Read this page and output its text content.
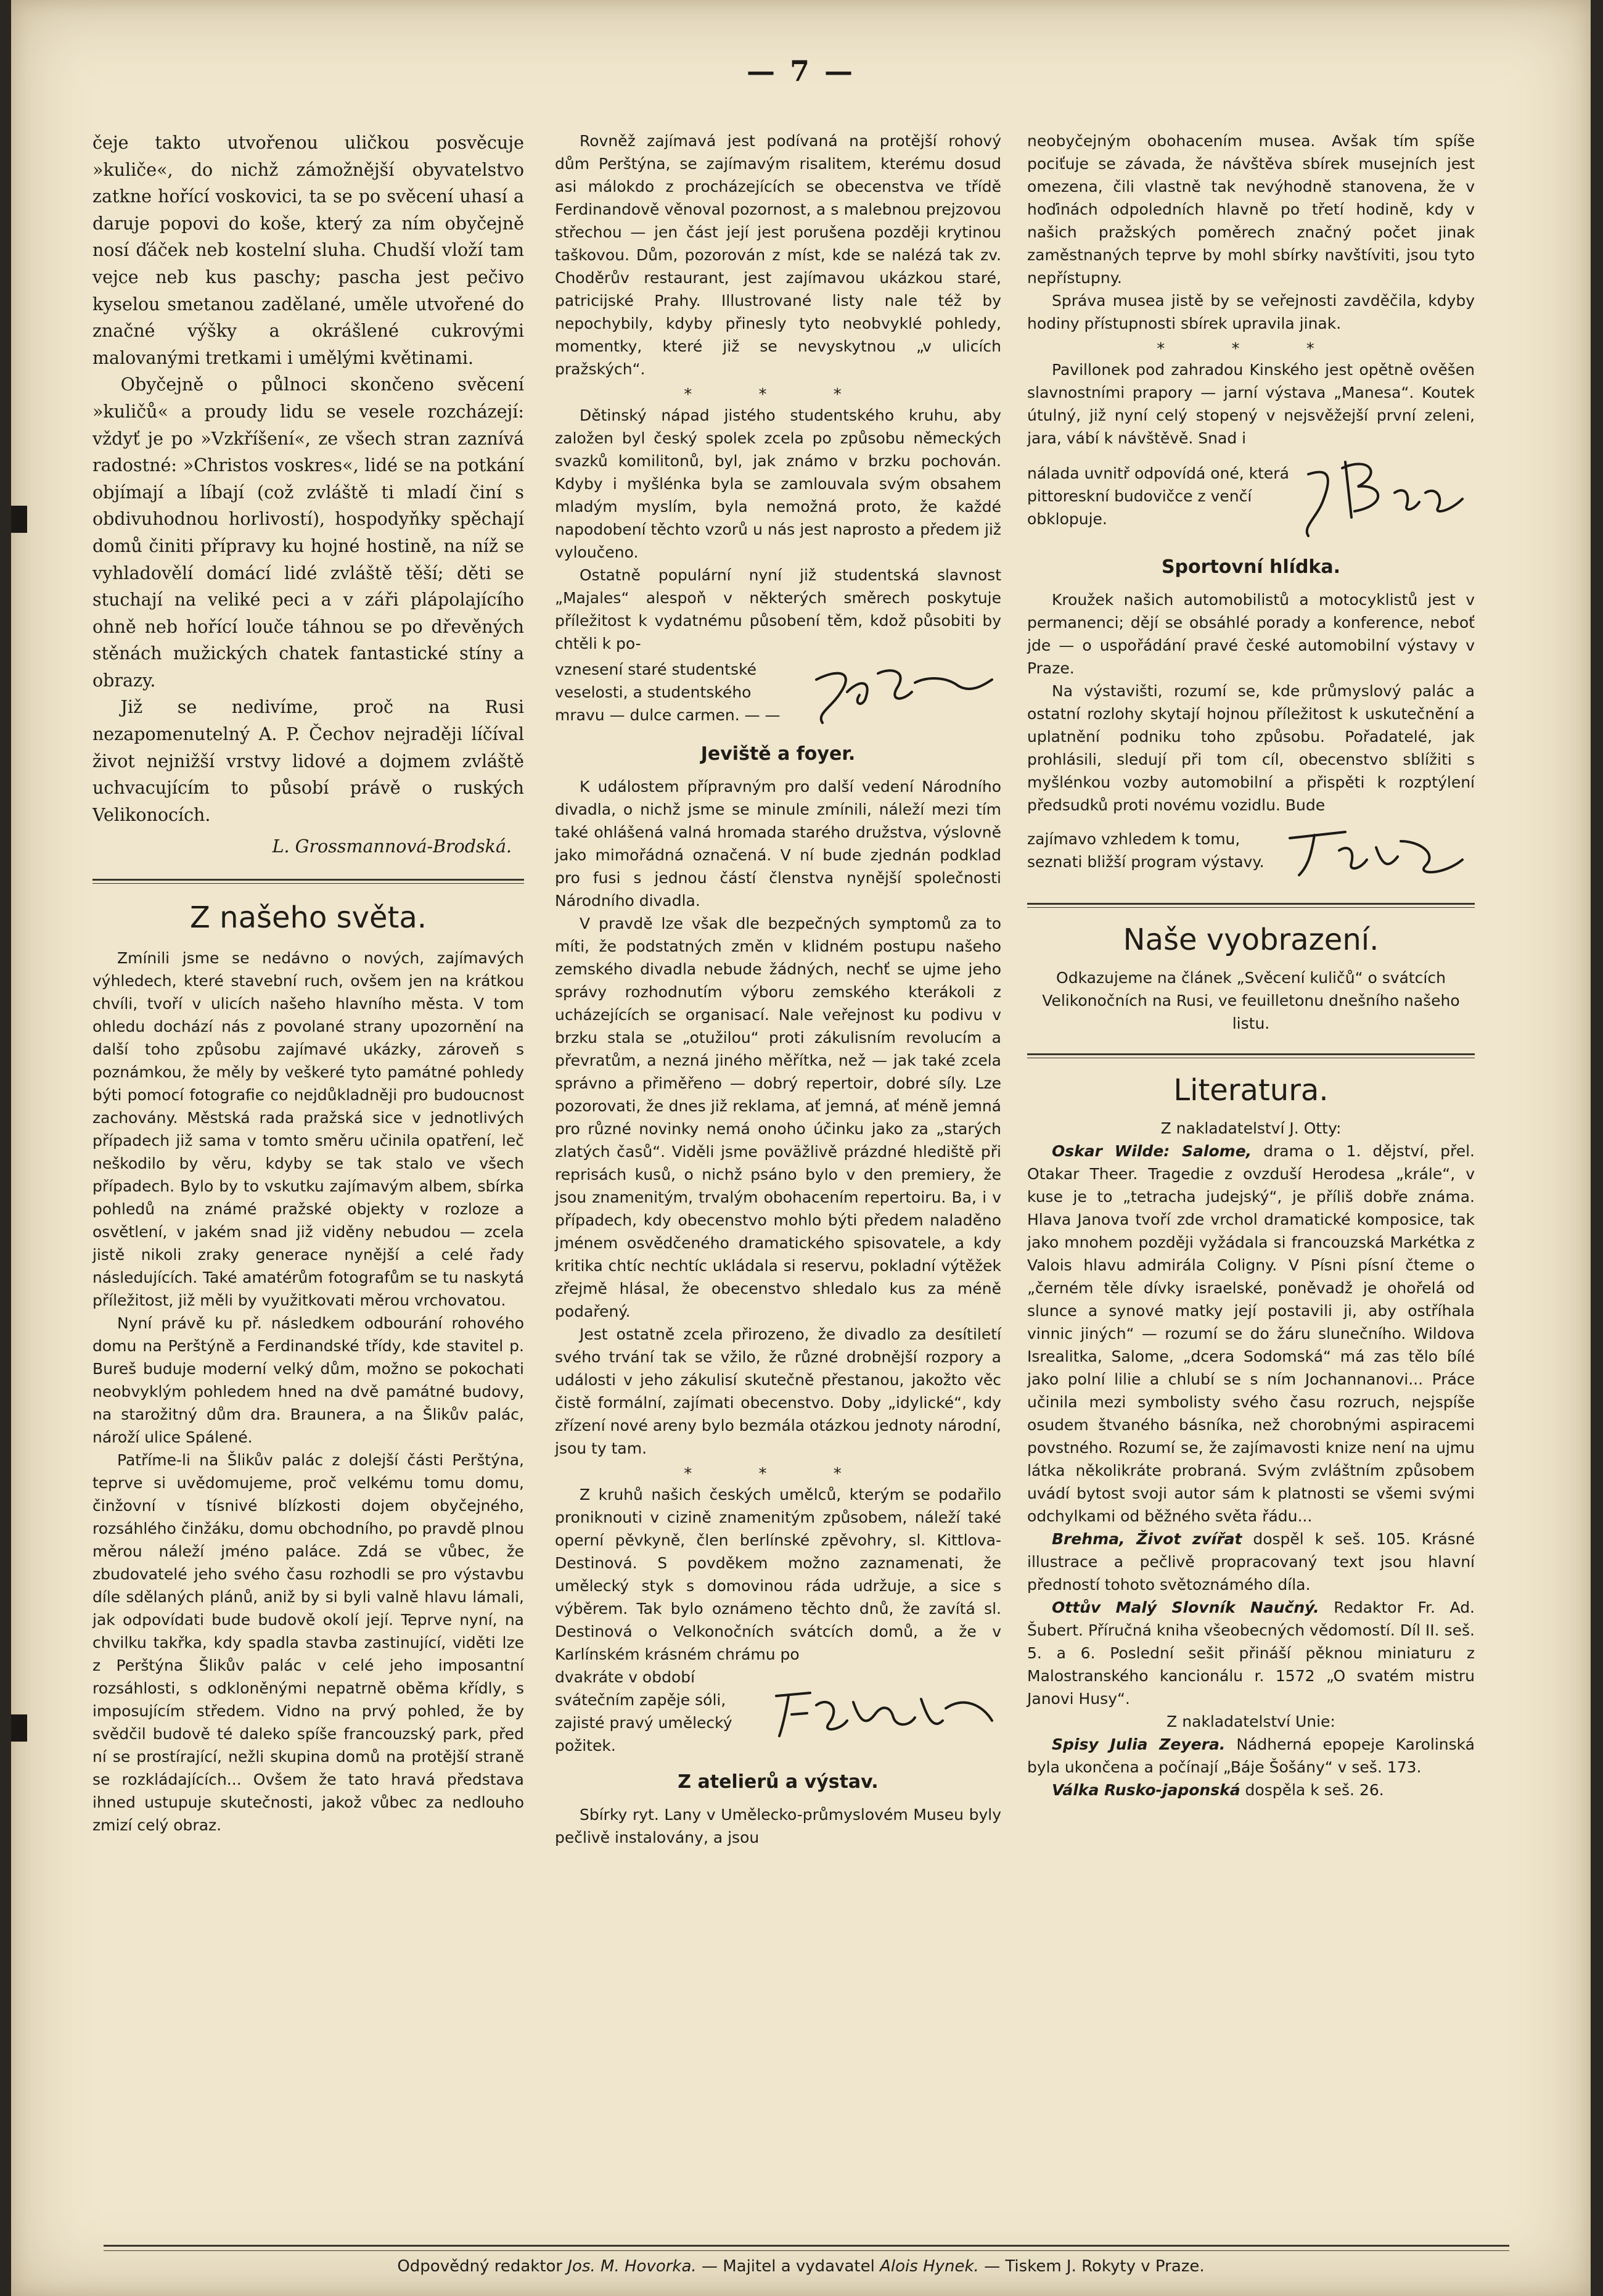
— 7 —

čeje takto utvořenou uličkou posvěcuje »kuliče«, do nichž zámožnější obyvatelstvo zatkne hořící voskovici, ta se po svěcení uhasí a daruje popovi do koše, který za ním obyčejně nosí ďáček neb kostelní sluha. Chudší vloží tam vejce neb kus paschy; pascha jest pečivo kyselou smetanou zadělané, uměle utvořené do značné výšky a okrášlené cukrovými malovanými tretkami i umělými květinami.

Obyčejně o půlnoci skončeno svěcení »kuličů« a proudy lidu se vesele rozcházejí: vždyť je po »Vzkříšení«, ze všech stran zaznívá radostné: »Christos voskres«, lidé se na potkání objímají a líbají (což zvláště ti mladí činí s obdivuhodnou horlivostí), hospodyňky spěchají domů činiti přípravy ku hojné hostině, na níž se vyhladovělí domácí lidé zvláště těší; děti se stuchají na veliké peci a v záři plápolajícího ohně neb hořící louče táhnou se po dřevěných stěnách mužických chatek fantastické stíny a obrazy.

Již se nedivíme, proč na Rusi nezapomenutelný A. P. Čechov nejraději líčíval život nejnižší vrstvy lidové a dojmem zvláště uchvacujícím to působí právě o ruských Velikonocích.

L. Grossmannová-Brodská.
Z našeho světa.

Zmínili jsme se nedávno o nových, zajímavých výhledech, které stavební ruch, ovšem jen na krátkou chvíli, tvoří v ulicích našeho hlavního města. V tom ohledu dochází nás z povolané strany upozornění na další toho způsobu zajímavé ukázky, zároveň s poznámkou, že měly by veškeré tyto památné pohledy býti pomocí fotografie co nejdůkladněji pro budoucnost zachovány. Městská rada pražská sice v jednotlivých případech již sama v tomto směru učinila opatření, leč neškodilo by věru, kdyby se tak stalo ve všech případech. Bylo by to vskutku zajímavým albem, sbírka pohledů na známé pražské objekty v rozloze a osvětlení, v jakém snad již viděny nebudou — zcela jistě nikoli zraky generace nynější a celé řady následujících. Také amatérům fotografům se tu naskytá příležitost, již měli by využitkovati měrou vrchovatou.

Nyní právě ku př. následkem odbourání rohového domu na Perštýně a Ferdinandské třídy, kde stavitel p. Bureš buduje moderní velký dům, možno se pokochati neobvyklým pohledem hned na dvě památné budovy, na starožitný dům dra. Braunera, a na Šlikův palác, nároží ulice Spálené.

Patříme-li na Šlikův palác z dolejší části Perštýna, teprve si uvědomujeme, proč velkému tomu domu, činžovní v tísnivé blízkosti dojem obyčejného, rozsáhlého činžáku, domu obchodního, po pravdě plnou měrou náleží jméno paláce. Zdá se vůbec, že zbudovatelé jeho svého času rozhodli se pro výstavbu díle sdělaných plánů, aniž by si byli valně hlavu lámali, jak odpovídati bude budově okolí její. Teprve nyní, na chvilku takřka, kdy spadla stavba zastinující, viděti lze z Perštýna Šlikův palác v celé jeho imposantní rozsáhlosti, s odkloněnými nepatrně oběma křídly, s imposujícím středem. Vidno na prvý pohled, že by svědčil budově té daleko spíše francouzský park, před ní se prostírající, nežli skupina domů na protější straně se rozkládajících... Ovšem že tato hravá představa ihned ustupuje skutečnosti, jakož vůbec za nedlouho zmizí celý obraz.

Rovněž zajímavá jest podívaná na protější rohový dům Perštýna, se zajímavým risalitem, kterému dosud asi málokdo z procházejících se obecenstva ve třídě Ferdinandově věnoval pozornost, a s malebnou prejzovou střechou — jen část její jest porušena později krytinou taškovou. Dům, pozorován z míst, kde se nalézá tak zv. Choděrův restaurant, jest zajímavou ukázkou staré, patricijské Prahy. Illustrované listy nale též by nepochybily, kdyby přinesly tyto neobvyklé pohledy, momentky, které již se nevyskytnou „v ulicích pražských“.

* * *

Dětinský nápad jistého studentského kruhu, aby založen byl český spolek zcela po způsobu německých svazků komilitonů, byl, jak známo v brzku pochován. Kdyby i myšlénka byla se zamlouvala svým obsahem mladým myslím, byla nemožná proto, že každé napodobení těchto vzorů u nás jest naprosto a předem již vyloučeno.

Ostatně populární nyní již studentská slavnost „Majales“ alespoň v některých směrech poskytuje příležitost k vydatnému působení těm, kdož působiti by chtěli k po-

vznesení staré studentské veselosti, a studentského mravu — dulce carmen. — —

Jeviště a foyer.

K událostem přípravným pro další vedení Národního divadla, o nichž jsme se minule zmínili, náleží mezi tím také ohlášená valná hromada starého družstva, výslovně jako mimořádná označená. V ní bude zjednán podklad pro fusi s jednou částí členstva nynější společnosti Národního divadla.

V pravdě lze však dle bezpečných symptomů za to míti, že podstatných změn v klidném postupu našeho zemského divadla nebude žádných, nechť se ujme jeho správy rozhodnutím výboru zemského kterákoli z ucházejících se organisací. Nale veřejnost ku podivu v brzku stala se „otužilou“ proti zákulisním revolucím a převratům, a nezná jiného měřítka, než — jak také zcela správno a přiměřeno — dobrý repertoir, dobré síly. Lze pozorovati, že dnes již reklama, ať jemná, ať méně jemná pro různé novinky nemá onoho účinku jako za „starých zlatých časů“. Viděli jsme poväžlivě prázdné hlediště při reprisách kusů, o nichž psáno bylo v den premiery, že jsou znamenitým, trvalým obohacením repertoiru. Ba, i v případech, kdy obecenstvo mohlo býti předem naladěno jménem osvědčeného dramatického spisovatele, a kdy kritika chtíc nechtíc ukládala si reservu, pokladní výtěžek zřejmě hlásal, že obecenstvo shledalo kus za méně podařený.

Jest ostatně zcela přirozeno, že divadlo za desítiletí svého trvání tak se vžilo, že různé drobnější rozpory a události v jeho zákulisí skutečně přestanou, jakožto věc čistě formální, zajímati obecenstvo. Doby „idylické“, kdy zřízení nové areny bylo bezmála otázkou jednoty národní, jsou ty tam.

* * *

Z kruhů našich českých umělců, kterým se podařilo proniknouti v cizině znamenitým způsobem, náleží také operní pěvkyně, člen berlínské zpěvohry, sl. Kittlova-Destinová. S povděkem možno zaznamenati, že umělecký styk s domovinou ráda udržuje, a sice s výběrem. Tak bylo oznámeno těchto dnů, že zavítá sl. Destinová o Velkonočních svátcích domů, a že v Karlínském krásném chrámu po

dvakráte v období svátečním zapěje sóli, zajisté pravý umělecký požitek.

Z atelierů a výstav.

Sbírky ryt. Lany v Umělecko-průmyslovém Museu byly pečlivě instalovány, a jsou

neobyčejným obohacením musea. Avšak tím spíše pociťuje se závada, že návštěva sbírek musejních jest omezena, čili vlastně tak nevýhodně stanovena, že v hoďinách odpoledních hlavně po třetí hodině, kdy v našich pražských poměrech značný počet jinak zaměstnaných teprve by mohl sbírky navštíviti, jsou tyto nepřístupny.

Správa musea jistě by se veřejnosti zavděčila, kdyby hodiny přístupnosti sbírek upravila jinak.

* * *

Pavillonek pod zahradou Kinského jest opětně ověšen slavnostními prapory — jarní výstava „Manesa“. Koutek útulný, již nyní celý stopený v nejsvěžejší první zeleni, jara, vábí k návštěvě. Snad i

nálada uvnitř odpovídá oné, která pittoreskní budovičce z venčí obklopuje.

Sportovní hlídka.

Kroužek našich automobilistů a motocyklistů jest v permanenci; dějí se obsáhlé porady a konference, neboť jde — o uspořádání pravé české automobilní výstavy v Praze.

Na výstavišti, rozumí se, kde průmyslový palác a ostatní rozlohy skytají hojnou příležitost k uskutečnění a uplatnění podniku toho způsobu. Pořadatelé, jak prohlásili, sledují při tom cíl, obecenstvo sblížiti s myšlénkou vozby automobilní a přispěti k rozptýlení předsudků proti novému vozidlu. Bude

zajímavo vzhledem k tomu, seznati bližší program výstavy.

Naše vyobrazení.

Odkazujeme na článek „Svěcení kuličů“ o svátcích Velikonočních na Rusi, ve feuilletonu dnešního našeho listu.

Literatura.

Z nakladatelství J. Otty:

Oskar Wilde: Salome, drama o 1. dějství, přel. Otakar Theer. Tragedie z ovzduší Herodesa „krále“, v kuse je to „tetracha judejský“, je příliš dobře známa. Hlava Janova tvoří zde vrchol dramatické komposice, tak jako mnohem později vyžádala si francouzská Markétka z Valois hlavu admirála Coligny. V Písni písní čteme o „černém těle dívky israelské, poněvadž je ohořelá od slunce a synové matky její postavili ji, aby ostříhala vinnic jiných“ — rozumí se do žáru slunečního. Wildova Isrealitka, Salome, „dcera Sodomská“ má zas tělo bílé jako polní lilie a chlubí se s ním Jochannanovi... Práce učinila mezi symbolisty svého času rozruch, nejspíše osudem štvaného básníka, než chorobnými aspiracemi povstného. Rozumí se, že zajímavosti knize není na ujmu látka několikráte probraná. Svým zvláštním způsobem uvádí bytost svoji autor sám k platnosti se všemi svými odchylkami od běžného světa řádu...

Brehma, Život zvířat dospěl k seš. 105. Krásné illustrace a pečlivě propracovaný text jsou hlavní předností tohoto světoznámého díla.

Ottův Malý Slovník Naučný. Redaktor Fr. Ad. Šubert. Příručná kniha všeobecných vědomostí. Díl II. seš. 5. a 6. Poslední sešit přináší pěknou miniaturu z Malostranského kancionálu r. 1572 „O svatém mistru Janovi Husy“.

Z nakladatelství Unie:

Spisy Julia Zeyera. Nádherná epopeje Karolinská byla ukončena a počínají „Báje Šošány“ v seš. 173.

Válka Rusko-japonská dospěla k seš. 26.

Odpovědný redaktor Jos. M. Hovorka. — Majitel a vydavatel Alois Hynek. — Tiskem J. Rokyty v Praze.
